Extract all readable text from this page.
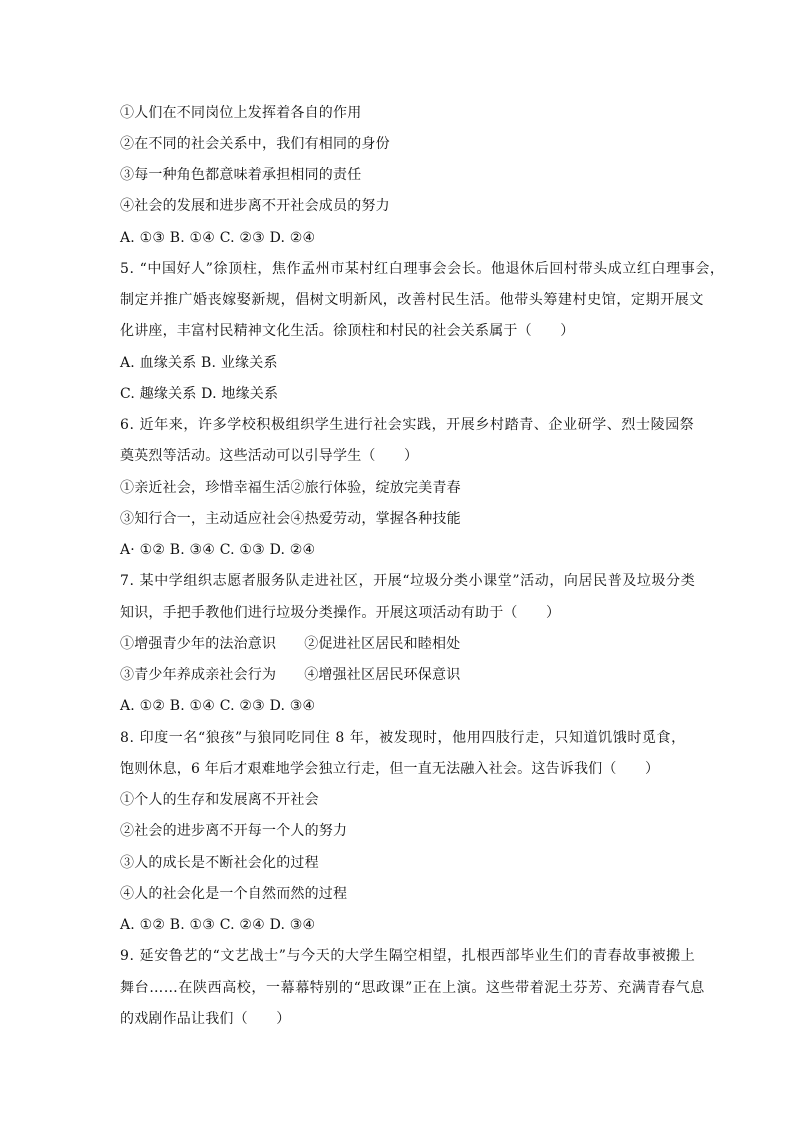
①人们在不同岗位上发挥着各自的作用
②在不同的社会关系中，我们有相同的身份
③每一种角色都意味着承担相同的责任
④社会的发展和进步离不开社会成员的努力
A. ①③ B. ①④ C. ②③ D. ②④
5. “中国好人”徐顶柱，焦作孟州市某村红白理事会会长。他退休后回村带头成立红白理事会，
制定并推广婚丧嫁娶新规，倡树文明新风，改善村民生活。他带头筹建村史馆，定期开展文
化讲座，丰富村民精神文化生活。徐顶柱和村民的社会关系属于（　　）
A. 血缘关系 B. 业缘关系
C. 趣缘关系 D. 地缘关系
6. 近年来，许多学校积极组织学生进行社会实践，开展乡村踏青、企业研学、烈士陵园祭
奠英烈等活动。这些活动可以引导学生（　　）
①亲近社会，珍惜幸福生活②旅行体验，绽放完美青春
③知行合一，主动适应社会④热爱劳动，掌握各种技能
A· ①② B. ③④ C. ①③ D. ②④
7. 某中学组织志愿者服务队走进社区，开展“垃圾分类小课堂”活动，向居民普及垃圾分类
知识，手把手教他们进行垃圾分类操作。开展这项活动有助于（　　）
①增强青少年的法治意识 ②促进社区居民和睦相处
③青少年养成亲社会行为 ④增强社区居民环保意识
A. ①② B. ①④ C. ②③ D. ③④
8. 印度一名“狼孩”与狼同吃同住 8 年，被发现时，他用四肢行走，只知道饥饿时觅食，
饱则休息，6 年后才艰难地学会独立行走，但一直无法融入社会。这告诉我们（　　）
①个人的生存和发展离不开社会
②社会的进步离不开每一个人的努力
③人的成长是不断社会化的过程
④人的社会化是一个自然而然的过程
A. ①② B. ①③ C. ②④ D. ③④
9. 延安鲁艺的“文艺战士”与今天的大学生隔空相望，扎根西部毕业生们的青春故事被搬上
舞台……在陕西高校，一幕幕特别的“思政课”正在上演。这些带着泥土芬芳、充满青春气息
的戏剧作品让我们（　　）
